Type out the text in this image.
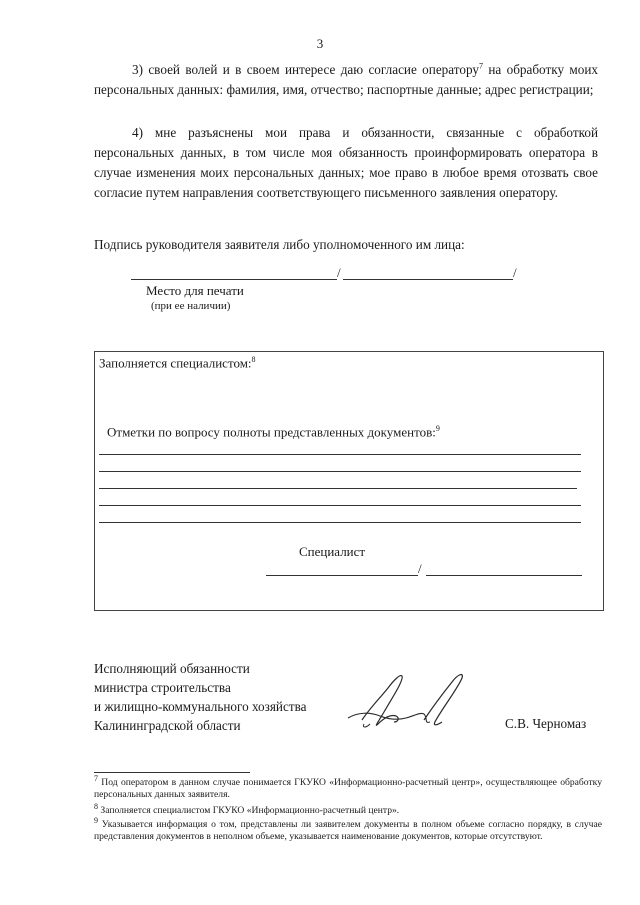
3
3) своей волей и в своем интересе даю согласие оператору$^7$ на обработку моих персональных данных: фамилия, имя, отчество; паспортные данные; адрес регистрации;
4) мне разъяснены мои права и обязанности, связанные с обработкой персональных данных, в том числе моя обязанность проинформировать оператора в случае изменения моих персональных данных; мое право в любое время отозвать свое согласие путем направления соответствующего письменного заявления оператору.
Подпись руководителя заявителя либо уполномоченного им лица:
/	/
Место для печати
(при ее наличии)
Заполняется специалистом:$^8$
Отметки по вопросу полноты представленных документов:$^9$
Специалист
/
Исполняющий обязанности
министра строительства
и жилищно-коммунального хозяйства
Калининградской области	С.В. Черномаз
$^7$ Под оператором в данном случае понимается ГКУКО «Информационно-расчетный центр», осуществляющее обработку персональных данных заявителя.
$^8$ Заполняется специалистом ГКУКО «Информационно-расчетный центр».
$^9$ Указывается информация о том, представлены ли заявителем документы в полном объеме согласно порядку, в случае представления документов в неполном объеме, указывается наименование документов, которые отсутствуют.
